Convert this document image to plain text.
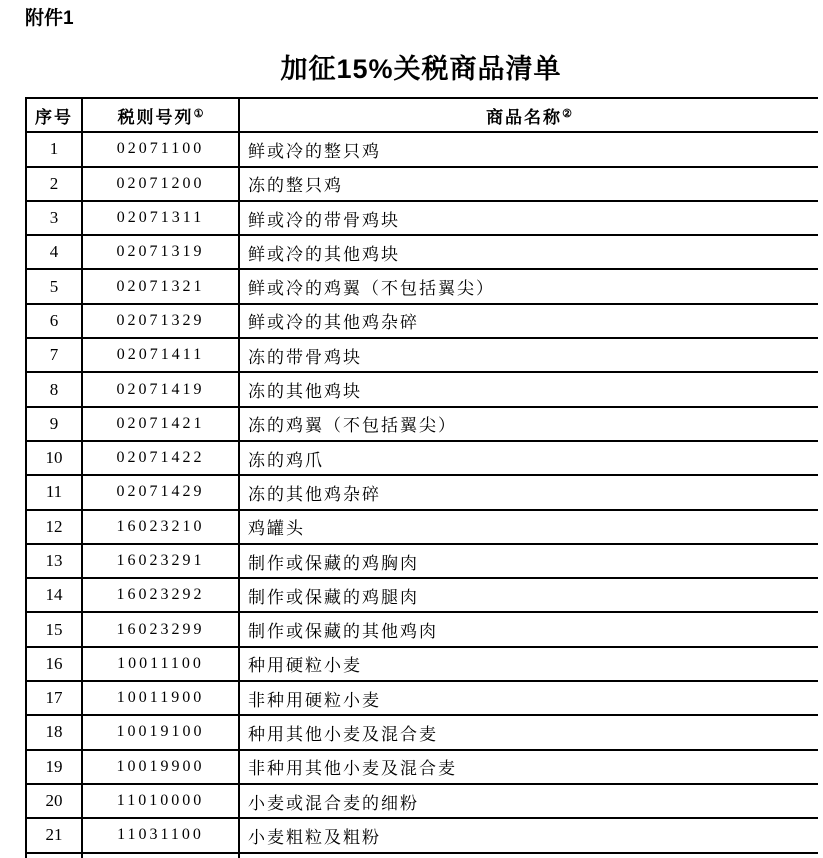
附件1
加征15%关税商品清单
序号	税则号列①	商品名称②
1	02071100	鲜或冷的整只鸡
2	02071200	冻的整只鸡
3	02071311	鲜或冷的带骨鸡块
4	02071319	鲜或冷的其他鸡块
5	02071321	鲜或冷的鸡翼（不包括翼尖）
6	02071329	鲜或冷的其他鸡杂碎
7	02071411	冻的带骨鸡块
8	02071419	冻的其他鸡块
9	02071421	冻的鸡翼（不包括翼尖）
10	02071422	冻的鸡爪
11	02071429	冻的其他鸡杂碎
12	16023210	鸡罐头
13	16023291	制作或保藏的鸡胸肉
14	16023292	制作或保藏的鸡腿肉
15	16023299	制作或保藏的其他鸡肉
16	10011100	种用硬粒小麦
17	10011900	非种用硬粒小麦
18	10019100	种用其他小麦及混合麦
19	10019900	非种用其他小麦及混合麦
20	11010000	小麦或混合麦的细粉
21	11031100	小麦粗粒及粗粉
